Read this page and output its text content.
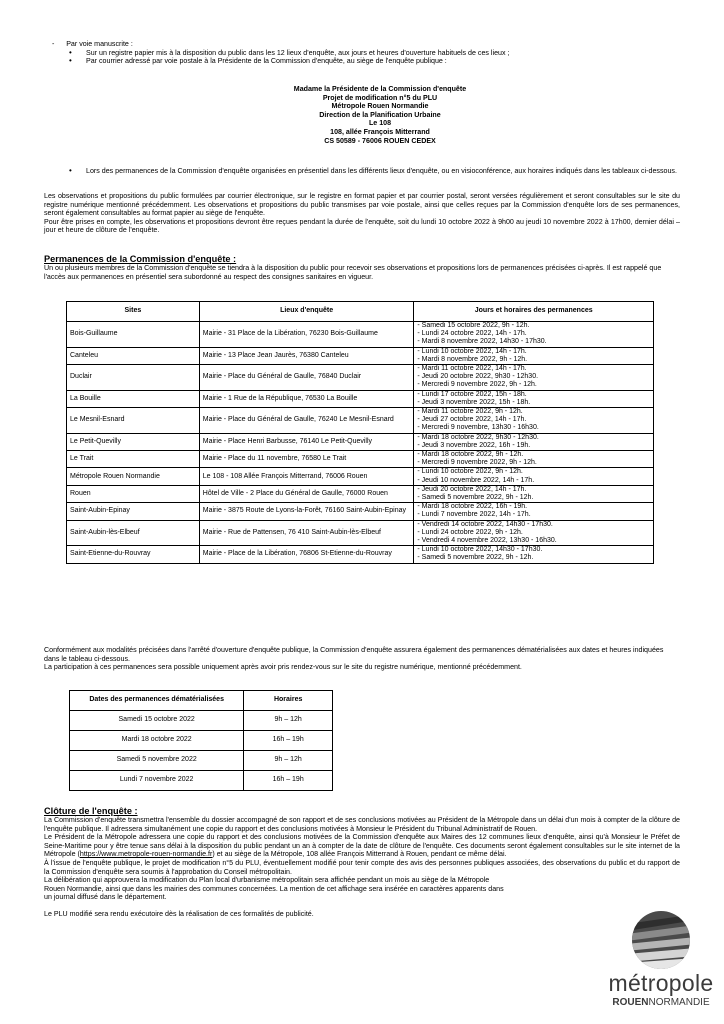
-      Par voie manuscrite :

• Sur un registre papier mis à la disposition du public dans les 12 lieux d'enquête, aux jours et heures d'ouverture habituels de ces lieux ;
• Par courrier adressé par voie postale à la Présidente de la Commission d'enquête, au siège de l'enquête publique :

Madame la Présidente de la Commission d'enquête

Projet de modification n°5 du PLU

Métropole Rouen Normandie

Direction de la Planification Urbaine

Le 108

108, allée François Mitterrand

CS 50589 - 76006 ROUEN CEDEX

• Lors des permanences de la Commission d'enquête organisées en présentiel dans les différents lieux d'enquête, ou en visioconférence, aux horaires indiqués dans les tableaux ci-dessous.

Les observations et propositions du public formulées par courrier électronique, sur le registre en format papier et par courrier postal, seront versées régulièrement et seront consultables sur le site du registre numérique mentionné précédemment. Les observations et propositions du public transmises par voie postale, ainsi que celles reçues par la Commission d'enquête lors de ses permanences, seront également consultables au format papier au siège de l'enquête.

Pour être prises en compte, les observations et propositions devront être reçues pendant la durée de l'enquête, soit du lundi 10 octobre 2022 à 9h00 au jeudi 10 novembre 2022 à 17h00, dernier délai – jour et heure de clôture de l'enquête.

Permanences de la Commission d'enquête :

Un ou plusieurs membres de la Commission d'enquête se tiendra à la disposition du public pour recevoir ses observations et propositions lors de permanences précisées ci-après. Il est rappelé que l'accès aux permanences en présentiel sera subordonné au respect des consignes sanitaires en vigueur.

Sites	Lieux d'enquête	Jours et horaires des permanences
Bois-Guillaume	Mairie - 31 Place de la Libération, 76230 Bois-Guillaume	- Samedi 15 octobre 2022, 9h - 12h.
- Lundi 24 octobre 2022, 14h - 17h.
- Mardi 8 novembre 2022, 14h30 - 17h30.

Canteleu	Mairie - 13 Place Jean Jaurès, 76380 Canteleu	- Lundi 10 octobre 2022, 14h - 17h.
- Mardi 8 novembre 2022, 9h - 12h.

Duclair	Mairie - Place du Général de Gaulle, 76840 Duclair	- Mardi 11 octobre 2022, 14h - 17h.
- Jeudi 20 octobre 2022, 9h30 - 12h30.
- Mercredi 9 novembre 2022, 9h - 12h.

La Bouille	Mairie - 1 Rue de la République, 76530 La Bouille	- Lundi 17 octobre 2022, 15h - 18h.
- Jeudi 3 novembre 2022, 15h - 18h.

Le Mesnil-Esnard	Mairie - Place du Général de Gaulle, 76240 Le Mesnil-Esnard	- Mardi 11 octobre 2022, 9h - 12h.
- Jeudi 27 octobre 2022, 14h - 17h.
- Mercredi 9 novembre, 13h30 - 16h30.

Le Petit-Quevilly	Mairie - Place Henri Barbusse, 76140 Le Petit-Quevilly	- Mardi 18 octobre 2022, 9h30 - 12h30.
- Jeudi 3 novembre 2022, 16h - 19h.

Le Trait	Mairie - Place du 11 novembre, 76580 Le Trait	- Mardi 18 octobre 2022, 9h - 12h.
- Mercredi 9 novembre 2022, 9h - 12h.

Métropole Rouen Normandie	Le 108 - 108 Allée François Mitterrand, 76006 Rouen	- Lundi 10 octobre 2022, 9h - 12h.
- Jeudi 10 novembre 2022, 14h - 17h.

Rouen	Hôtel de Ville - 2 Place du Général de Gaulle, 76000 Rouen	- Jeudi 20 octobre 2022, 14h - 17h.
- Samedi 5 novembre 2022, 9h - 12h.

Saint-Aubin-Epinay	Mairie - 3875 Route de Lyons-la-Forêt, 76160 Saint-Aubin-Epinay	- Mardi 18 octobre 2022, 16h - 19h.
- Lundi 7 novembre 2022, 14h - 17h.

Saint-Aubin-lès-Elbeuf	Mairie - Rue de Pattensen, 76 410 Saint-Aubin-lès-Elbeuf	- Vendredi 14 octobre 2022, 14h30 - 17h30.
- Lundi 24 octobre 2022, 9h - 12h.
- Vendredi 4 novembre 2022, 13h30 - 16h30.

Saint-Etienne-du-Rouvray	Mairie - Place de la Libération, 76806 St-Etienne-du-Rouvray	- Lundi 10 octobre 2022, 14h30 - 17h30.
- Samedi 5 novembre 2022, 9h - 12h.

Conformément aux modalités précisées dans l'arrêté d'ouverture d'enquête publique, la Commission d'enquête assurera également des permanences dématérialisées aux dates et heures indiquées dans le tableau ci-dessous.

La participation à ces permanences sera possible uniquement après avoir pris rendez-vous sur le site du registre numérique, mentionné précédemment.

Dates des permanences dématérialisées	Horaires
Samedi 15 octobre 2022	9h – 12h
Mardi 18 octobre 2022	16h – 19h
Samedi 5 novembre 2022	9h – 12h
Lundi 7 novembre 2022	16h – 19h

Clôture de l'enquête :

La Commission d'enquête transmettra l'ensemble du dossier accompagné de son rapport et de ses conclusions motivées au Président de la Métropole dans un délai d'un mois à compter de la clôture de l'enquête publique. Il adressera simultanément une copie du rapport et des conclusions motivées à Monsieur le Président du Tribunal Administratif de Rouen.

Le Président de la Métropole adressera une copie du rapport et des conclusions motivées de la Commission d'enquête aux Maires des 12 communes lieux d'enquête, ainsi qu'à Monsieur le Préfet de Seine-Maritime pour y être tenue sans délai à la disposition du public pendant un an à compter de la date de clôture de l'enquête. Ces documents seront également consultables sur le site internet de la Métropole (https://www.metropole-rouen-normandie.fr) et au siège de la Métropole, 108 allée François Mitterrand à Rouen, pendant ce même délai.

À l'issue de l'enquête publique, le projet de modification n°5 du PLU, éventuellement modifié pour tenir compte des avis des personnes publiques associées, des observations du public et du rapport de la Commission d'enquête sera soumis à l'approbation du Conseil métropolitain.

La délibération qui approuvera la modification du Plan local d'urbanisme métropolitain sera affichée pendant un mois au siège de la Métropole
Rouen Normandie, ainsi que dans les mairies des communes concernées. La mention de cet affichage sera insérée en caractères apparents dans
un journal diffusé dans le département.

Le PLU modifié sera rendu exécutoire dès la réalisation de ces formalités de publicité.

métropole
ROUENNORMANDIE
